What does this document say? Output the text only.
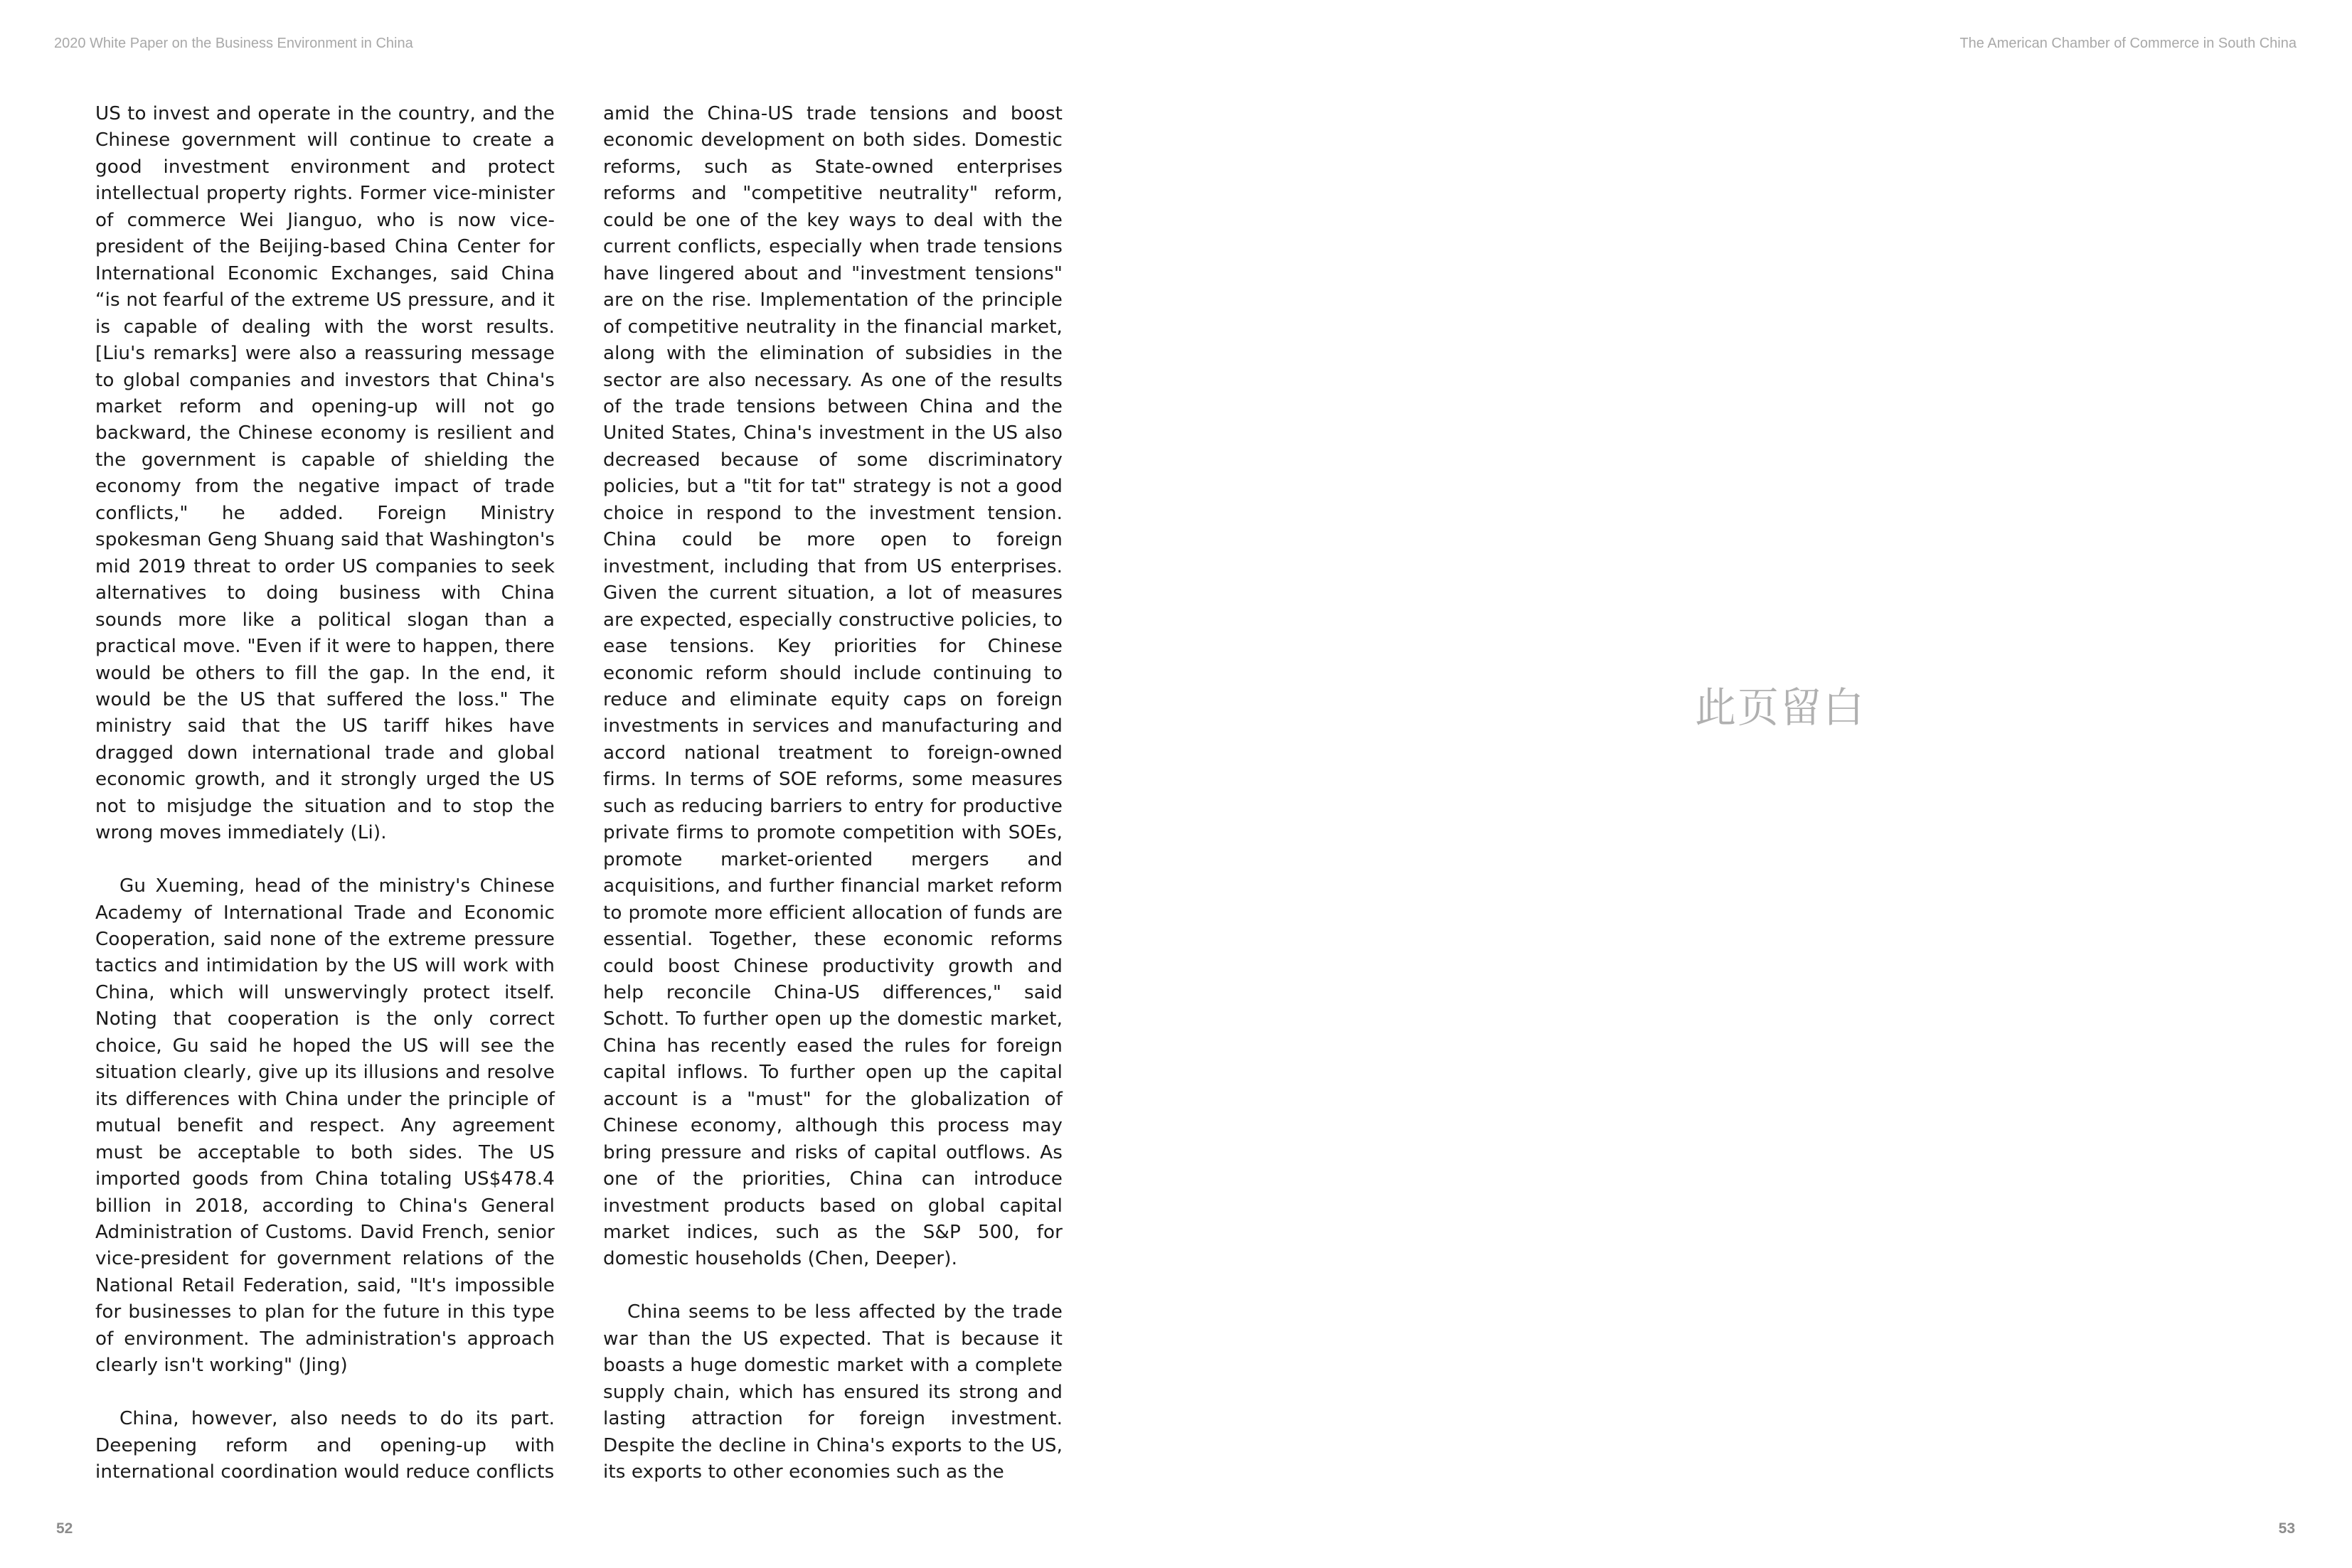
2020 White Paper on the Business Environment in China	The American Chamber of Commerce in South China

US to invest and operate in the country, and the Chinese government will continue to create a good investment environment and protect intellectual property rights. Former vice-minister of commerce Wei Jianguo, who is now vice-president of the Beijing-based China Center for International Economic Exchanges, said China “is not fearful of the extreme US pressure, and it is capable of dealing with the worst results. [Liu's remarks] were also a reassuring message to global companies and investors that China's market reform and opening-up will not go backward, the Chinese economy is resilient and the government is capable of shielding the economy from the negative impact of trade conflicts," he added. Foreign Ministry spokesman Geng Shuang said that Washington's mid 2019 threat to order US companies to seek alternatives to doing business with China sounds more like a political slogan than a practical move. "Even if it were to happen, there would be others to fill the gap. In the end, it would be the US that suffered the loss." The ministry said that the US tariff hikes have dragged down international trade and global economic growth, and it strongly urged the US not to misjudge the situation and to stop the wrong moves immediately (Li).

Gu Xueming, head of the ministry's Chinese Academy of International Trade and Economic Cooperation, said none of the extreme pressure tactics and intimidation by the US will work with China, which will unswervingly protect itself. Noting that cooperation is the only correct choice, Gu said he hoped the US will see the situation clearly, give up its illusions and resolve its differences with China under the principle of mutual benefit and respect. Any agreement must be acceptable to both sides. The US imported goods from China totaling US$478.4 billion in 2018, according to China's General Administration of Customs. David French, senior vice-president for government relations of the National Retail Federation, said, "It's impossible for businesses to plan for the future in this type of environment. The administration's approach clearly isn't working" (Jing)

China, however, also needs to do its part. Deepening reform and opening-up with international coordination would reduce conflicts

amid the China-US trade tensions and boost economic development on both sides. Domestic reforms, such as State-owned enterprises reforms and "competitive neutrality" reform, could be one of the key ways to deal with the current conflicts, especially when trade tensions have lingered about and "investment tensions" are on the rise. Implementation of the principle of competitive neutrality in the financial market, along with the elimination of subsidies in the sector are also necessary. As one of the results of the trade tensions between China and the United States, China's investment in the US also decreased because of some discriminatory policies, but a "tit for tat" strategy is not a good choice in respond to the investment tension. China could be more open to foreign investment, including that from US enterprises. Given the current situation, a lot of measures are expected, especially constructive policies, to ease tensions. Key priorities for Chinese economic reform should include continuing to reduce and eliminate equity caps on foreign investments in services and manufacturing and accord national treatment to foreign-owned firms. In terms of SOE reforms, some measures such as reducing barriers to entry for productive private firms to promote competition with SOEs, promote market-oriented mergers and acquisitions, and further financial market reform to promote more efficient allocation of funds are essential. Together, these economic reforms could boost Chinese productivity growth and help reconcile China-US differences," said Schott. To further open up the domestic market, China has recently eased the rules for foreign capital inflows. To further open up the capital account is a "must" for the globalization of Chinese economy, although this process may bring pressure and risks of capital outflows. As one of the priorities, China can introduce investment products based on global capital market indices, such as the S&P 500, for domestic households (Chen, Deeper).

China seems to be less affected by the trade war than the US expected. That is because it boasts a huge domestic market with a complete supply chain, which has ensured its strong and lasting attraction for foreign investment. Despite the decline in China's exports to the US, its exports to other economies such as the

此页留白
52	53
